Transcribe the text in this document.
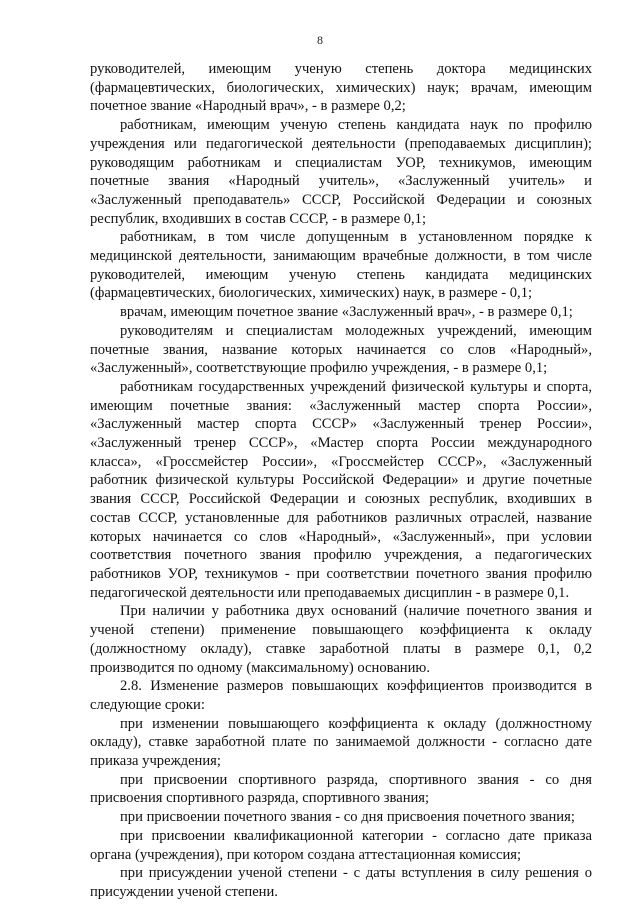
8

руководителей, имеющим ученую степень доктора медицинских (фармацевтических, биологических, химических) наук; врачам, имеющим почетное звание «Народный врач», - в размере 0,2;

работникам, имеющим ученую степень кандидата наук по профилю учреждения или педагогической деятельности (преподаваемых дисциплин); руководящим работникам и специалистам УОР, техникумов, имеющим почетные звания «Народный учитель», «Заслуженный учитель» и «Заслуженный преподаватель» СССР, Российской Федерации и союзных республик, входивших в состав СССР, - в размере 0,1;

работникам, в том числе допущенным в установленном порядке к медицинской деятельности, занимающим врачебные должности, в том числе руководителей, имеющим ученую степень кандидата медицинских (фармацевтических, биологических, химических) наук, в размере - 0,1;

врачам, имеющим почетное звание «Заслуженный врач», - в размере 0,1;

руководителям и специалистам молодежных учреждений, имеющим почетные звания, название которых начинается со слов «Народный», «Заслуженный», соответствующие профилю учреждения, - в размере 0,1;

работникам государственных учреждений физической культуры и спорта, имеющим почетные звания: «Заслуженный мастер спорта России», «Заслуженный мастер спорта СССР» «Заслуженный тренер России», «Заслуженный тренер СССР», «Мастер спорта России международного класса», «Гроссмейстер России», «Гроссмейстер СССР», «Заслуженный работник физической культуры Российской Федерации» и другие почетные звания СССР, Российской Федерации и союзных республик, входивших в состав СССР, установленные для работников различных отраслей, название которых начинается со слов «Народный», «Заслуженный», при условии соответствия почетного звания профилю учреждения, а педагогических работников УОР, техникумов - при соответствии почетного звания профилю педагогической деятельности или преподаваемых дисциплин - в размере 0,1.

При наличии у работника двух оснований (наличие почетного звания и ученой степени) применение повышающего коэффициента к окладу (должностному окладу), ставке заработной платы в размере 0,1, 0,2 производится по одному (максимальному) основанию.

2.8. Изменение размеров повышающих коэффициентов производится в следующие сроки:

при изменении повышающего коэффициента к окладу (должностному окладу), ставке заработной плате по занимаемой должности - согласно дате приказа учреждения;

при присвоении спортивного разряда, спортивного звания - со дня присвоения спортивного разряда, спортивного звания;

при присвоении почетного звания - со дня присвоения почетного звания;

при присвоении квалификационной категории - согласно дате приказа органа (учреждения), при котором создана аттестационная комиссия;

при присуждении ученой степени - с даты вступления в силу решения о присуждении ученой степени.
